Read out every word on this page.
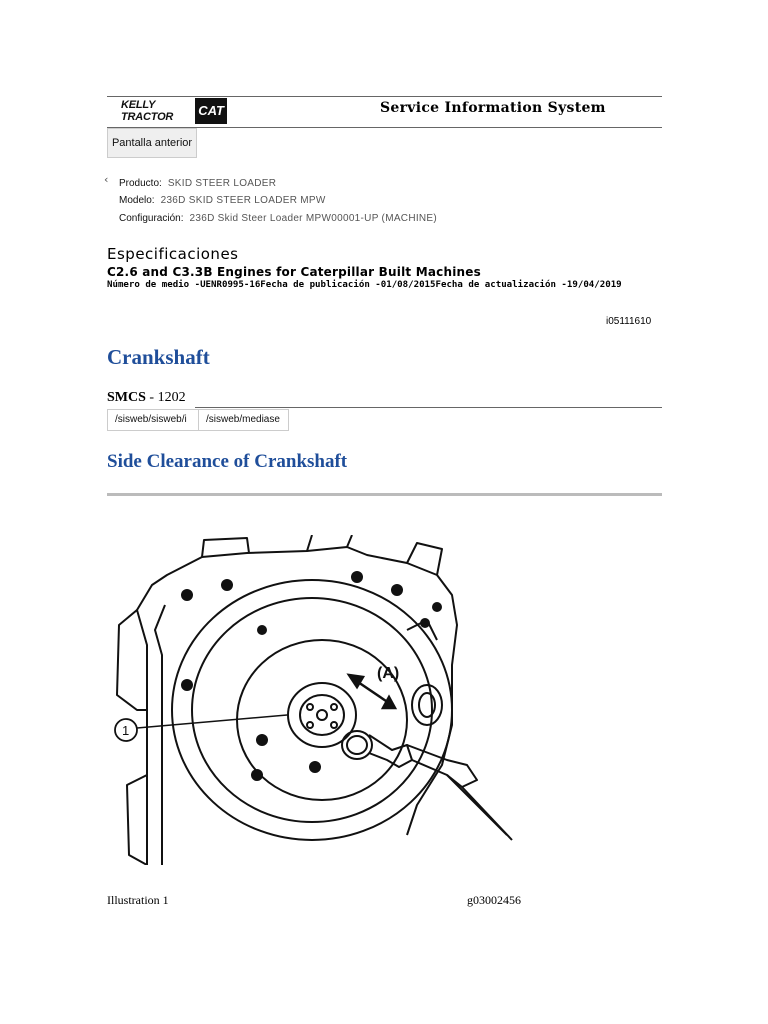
KELLY TRACTOR	CAT	Service Information System
Pantalla anterior
‹ Producto: SKID STEER LOADER
Modelo: 236D SKID STEER LOADER MPW
Configuración: 236D Skid Steer Loader MPW00001-UP (MACHINE)
Especificaciones
C2.6 and C3.3B Engines for Caterpillar Built Machines
Número de medio -UENR0995-16Fecha de publicación -01/08/2015Fecha de actualización -19/04/2019
i05111610
Crankshaft
SMCS - 1202
/sisweb/sisweb/i	/sisweb/mediase
Side Clearance of Crankshaft
(A)
1
Illustration 1	g03002456
